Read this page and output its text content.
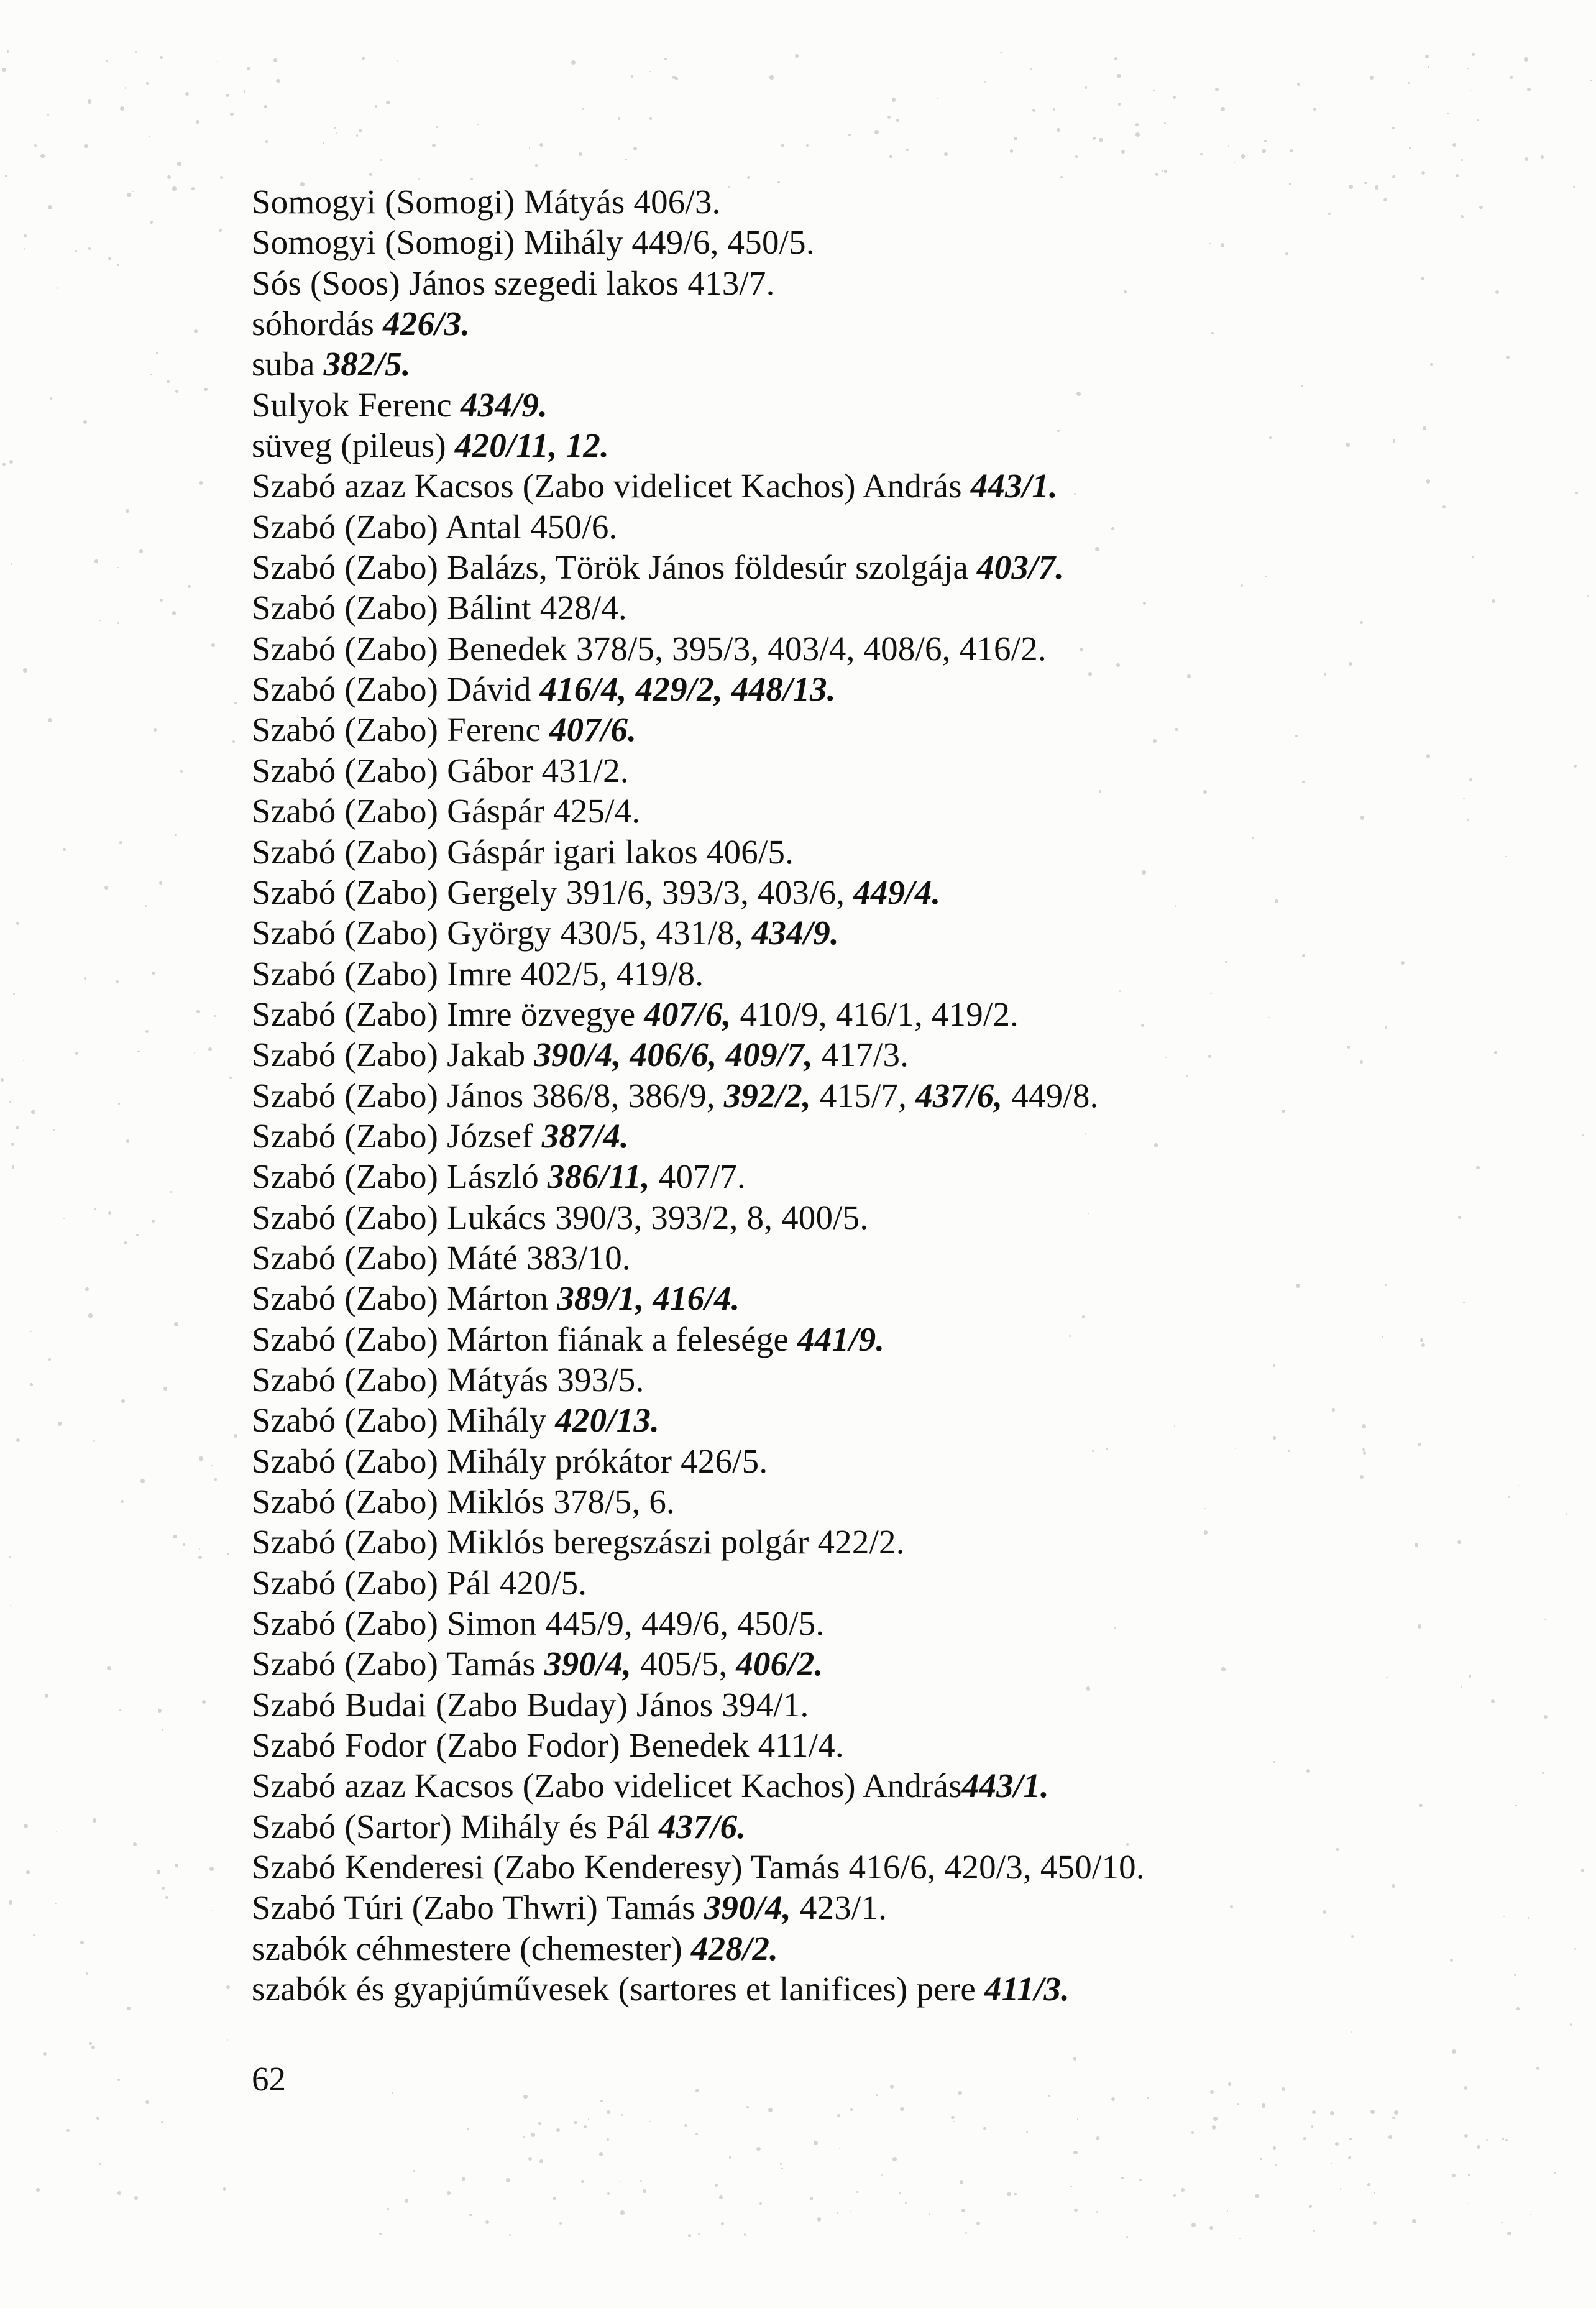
Somogyi (Somogi) Mátyás 406/3.
Somogyi (Somogi) Mihály 449/6, 450/5.
Sós (Soos) János szegedi lakos 413/7.
sóhordás 426/3.
suba 382/5.
Sulyok Ferenc 434/9.
süveg (pileus) 420/11, 12.
Szabó azaz Kacsos (Zabo videlicet Kachos) András 443/1.
Szabó (Zabo) Antal 450/6.
Szabó (Zabo) Balázs, Török János földesúr szolgája 403/7.
Szabó (Zabo) Bálint 428/4.
Szabó (Zabo) Benedek 378/5, 395/3, 403/4, 408/6, 416/2.
Szabó (Zabo) Dávid 416/4, 429/2, 448/13.
Szabó (Zabo) Ferenc 407/6.
Szabó (Zabo) Gábor 431/2.
Szabó (Zabo) Gáspár 425/4.
Szabó (Zabo) Gáspár igari lakos 406/5.
Szabó (Zabo) Gergely 391/6, 393/3, 403/6, 449/4.
Szabó (Zabo) György 430/5, 431/8, 434/9.
Szabó (Zabo) Imre 402/5, 419/8.
Szabó (Zabo) Imre özvegye 407/6, 410/9, 416/1, 419/2.
Szabó (Zabo) Jakab 390/4, 406/6, 409/7, 417/3.
Szabó (Zabo) János 386/8, 386/9, 392/2, 415/7, 437/6, 449/8.
Szabó (Zabo) József 387/4.
Szabó (Zabo) László 386/11, 407/7.
Szabó (Zabo) Lukács 390/3, 393/2, 8, 400/5.
Szabó (Zabo) Máté 383/10.
Szabó (Zabo) Márton 389/1, 416/4.
Szabó (Zabo) Márton fiának a felesége 441/9.
Szabó (Zabo) Mátyás 393/5.
Szabó (Zabo) Mihály 420/13.
Szabó (Zabo) Mihály prókátor 426/5.
Szabó (Zabo) Miklós 378/5, 6.
Szabó (Zabo) Miklós beregszászi polgár 422/2.
Szabó (Zabo) Pál 420/5.
Szabó (Zabo) Simon 445/9, 449/6, 450/5.
Szabó (Zabo) Tamás 390/4, 405/5, 406/2.
Szabó Budai (Zabo Buday) János 394/1.
Szabó Fodor (Zabo Fodor) Benedek 411/4.
Szabó azaz Kacsos (Zabo videlicet Kachos) András443/1.
Szabó (Sartor) Mihály és Pál 437/6.
Szabó Kenderesi (Zabo Kenderesy) Tamás 416/6, 420/3, 450/10.
Szabó Túri (Zabo Thwri) Tamás 390/4, 423/1.
szabók céhmestere (chemester) 428/2.
szabók és gyapjúművesek (sartores et lanifices) pere 411/3.
62
